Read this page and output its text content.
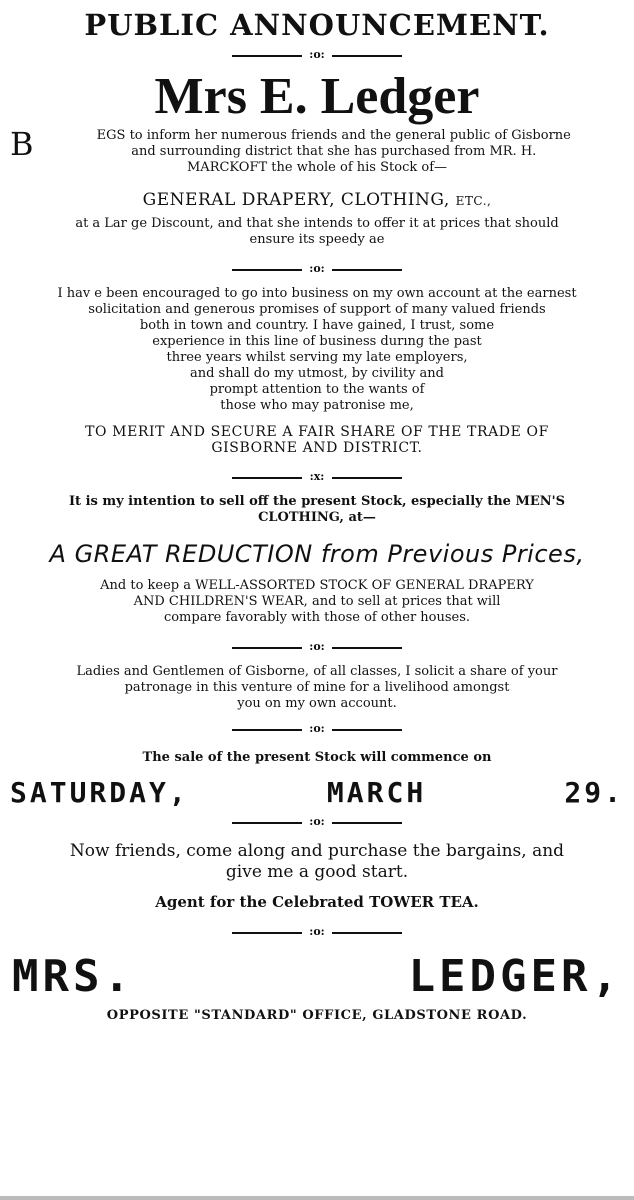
PUBLIC ANNOUNCEMENT.
:o:
Mrs E. Ledger
B	EGS to inform her numerous friends and the general public of Gisborne
and surrounding district that she has purchased from MR. H.
MARCKOFT the whole of his Stock of—
GENERAL DRAPERY, CLOTHING, ETC.,
at a Lar ge Discount, and that she intends to offer it at prices that should
ensure its speedy ae
:o:
I hav e been encouraged to go into business on my own account at the earnest
solicitation and generous promises of support of many valued friends
both in town and country. I have gained, I trust, some
experience in this line of business durıng the past
three years whilst serving my late employers,
and shall do my utmost, by civility and
prompt attention to the wants of
those who may patronise me,
TO MERIT AND SECURE A FAIR SHARE OF THE TRADE OF
GISBORNE AND DISTRICT.
:x:
It is my intention to sell off the present Stock, especially the MEN'S
CLOTHING, at—
A GREAT REDUCTION from Previous Prices,
And to keep a WELL-ASSORTED STOCK OF GENERAL DRAPERY
AND CHILDREN'S WEAR, and to sell at prices that will
compare favorably with those of other houses.
:o:
Ladies and Gentlemen of Gisborne, of all classes, I solicit a share of your
patronage in this venture of mine for a livelihood amongst
you on my own account.
:o:
The sale of the present Stock will commence on
SATURDAY,	MARCH	29.
:o:
Now friends, come along and purchase the bargains, and
give me a good start.
Agent for the Celebrated TOWER TEA.
:o:
MRS.	LEDGER,
OPPOSITE "STANDARD" OFFICE, GLADSTONE ROAD.
